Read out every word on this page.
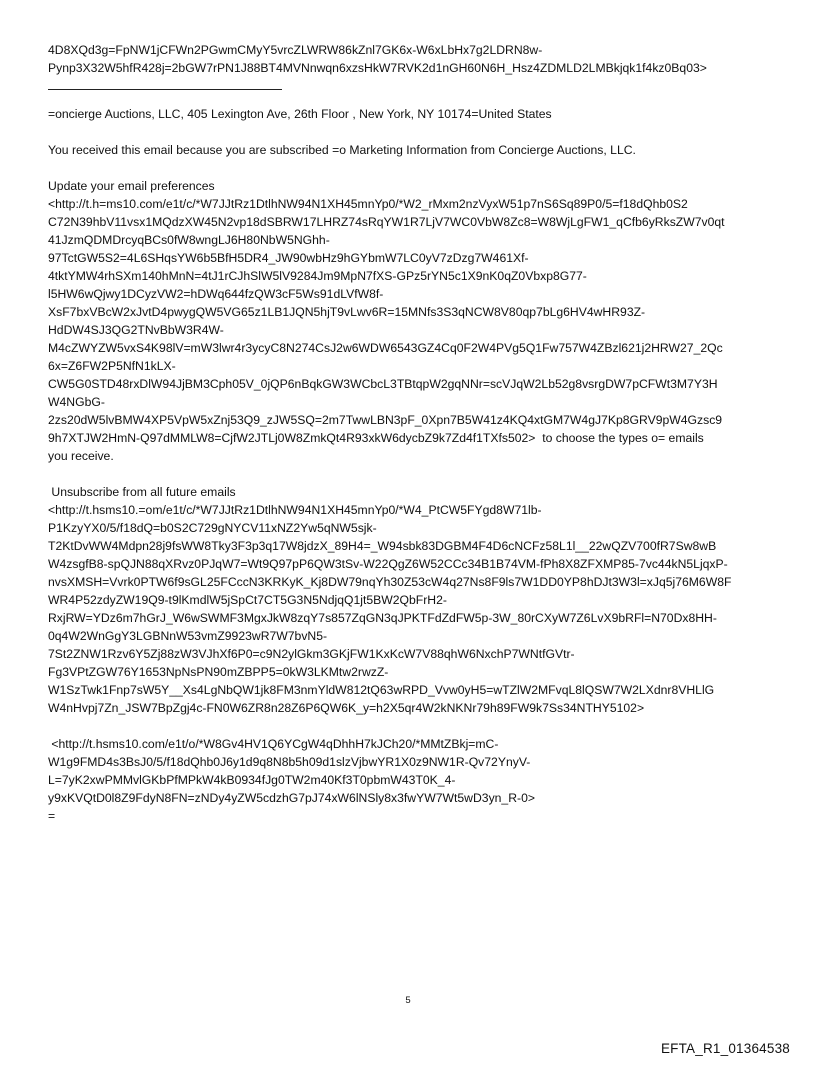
4D8XQd3g=FpNW1jCFWn2PGwmCMyY5vrcZLWRW86kZnl7GK6x-W6xLbHx7g2LDRN8w-

Pynp3X32W5hfR428j=2bGW7rPN1J88BT4MVNnwqn6xzsHkW7RVK2d1nGH60N6H_Hsz4ZDMLD2LMBkjqk1f4kz0Bq03>

=oncierge Auctions, LLC, 405 Lexington Ave, 26th Floor , New York, NY 10174=United States

You received this email because you are subscribed =o Marketing Information from Concierge Auctions, LLC.

Update your email preferences

<http://t.h=ms10.com/e1t/c/*W7JJtRz1DtlhNW94N1XH45mnYp0/*W2_rMxm2nzVyxW51p7nS6Sq89P0/5=f18dQhb0S2

C72N39hbV11vsx1MQdzXW45N2vp18dSBRW17LHRZ74sRqYW1R7LjV7WC0VbW8Zc8=W8WjLgFW1_qCfb6yRksZW7v0qt

41JzmQDMDrcyqBCs0fW8wngLJ6H80NbW5NGhh-

97TctGW5S2=4L6SHqsYW6b5BfH5DR4_JW90wbHz9hGYbmW7LC0yV7zDzg7W461Xf-

4tktYMW4rhSXm140hMnN=4tJ1rCJhSlW5lV9284Jm9MpN7fXS-GPz5rYN5c1X9nK0qZ0Vbxp8G77-

l5HW6wQjwy1DCyzVW2=hDWq644fzQW3cF5Ws91dLVfW8f-

XsF7bxVBcW2xJvtD4pwygQW5VG65z1LB1JQN5hjT9vLwv6R=15MNfs3S3qNCW8V80qp7bLg6HV4wHR93Z-

HdDW4SJ3QG2TNvBbW3R4W-

M4cZWYZW5vxS4K98lV=mW3lwr4r3ycyC8N274CsJ2w6WDW6543GZ4Cq0F2W4PVg5Q1Fw757W4ZBzl621j2HRW27_2Qc

6x=Z6FW2P5NfN1kLX-

CW5G0STD48rxDlW94JjBM3Cph05V_0jQP6nBqkGW3WCbcL3TBtqpW2gqNNr=scVJqW2Lb52g8vsrgDW7pCFWt3M7Y3H

W4NGbG-

2zs20dW5lvBMW4XP5VpW5xZnj53Q9_zJW5SQ=2m7TwwLBN3pF_0Xpn7B5W41z4KQ4xtGM7W4gJ7Kp8GRV9pW4Gzsc9

9h7XTJW2HmN-Q97dMMLW8=CjfW2JTLj0W8ZmkQt4R93xkW6dycbZ9k7Zd4f1TXfs502>  to choose the types o= emails

you receive.

Unsubscribe from all future emails

<http://t.hsms10.=om/e1t/c/*W7JJtRz1DtlhNW94N1XH45mnYp0/*W4_PtCW5FYgd8W71lb-

P1KzyYX0/5/f18dQ=b0S2C729gNYCV11xNZ2Yw5qNW5sjk-

T2KtDvWW4Mdpn28j9fsWW8Tky3F3p3q17W8jdzX_89H4=_W94sbk83DGBM4F4D6cNCFz58L1l__22wQZV700fR7Sw8wB

W4zsgfB8-spQJN88qXRvz0PJqW7=Wt9Q97pP6QW3tSv-W22QgZ6W52CCc34B1B74VM-fPh8X8ZFXMP85-7vc44kN5LjqxP-

nvsXMSH=Vvrk0PTW6f9sGL25FCccN3KRKyK_Kj8DW79nqYh30Z53cW4q27Ns8F9ls7W1DD0YP8hDJt3W3l=xJq5j76M6W8F

WR4P52zdyZW19Q9-t9lKmdlW5jSpCt7CT5G3N5NdjqQ1jt5BW2QbFrH2-

RxjRW=YDz6m7hGrJ_W6wSWMF3MgxJkW8zqY7s857ZqGN3qJPKTFdZdFW5p-3W_80rCXyW7Z6LvX9bRFl=N70Dx8HH-

0q4W2WnGgY3LGBNnW53vmZ9923wR7W7bvN5-

7St2ZNW1Rzv6Y5Zj88zW3VJhXf6P0=c9N2ylGkm3GKjFW1KxKcW7V88qhW6NxchP7WNtfGVtr-

Fg3VPtZGW76Y1653NpNsPN90mZBPP5=0kW3LKMtw2rwzZ-

W1SzTwk1Fnp7sW5Y__Xs4LgNbQW1jk8FM3nmYldW812tQ63wRPD_Vvw0yH5=wTZlW2MFvqL8lQSW7W2LXdnr8VHLlG

W4nHvpj7Zn_JSW7BpZgj4c-FN0W6ZR8n28Z6P6QW6K_y=h2X5qr4W2kNKNr79h89FW9k7Ss34NTHY5102>

<http://t.hsms10.com/e1t/o/*W8Gv4HV1Q6YCgW4qDhhH7kJCh20/*MMtZBkj=mC-

W1g9FMD4s3BsJ0/5/f18dQhb0J6y1d9q8N8b5h09d1slzVjbwYR1X0z9NW1R-Qv72YnyV-

L=7yK2xwPMMvlGKbPfMPkW4kB0934fJg0TW2m40Kf3T0pbmW43T0K_4-

y9xKVQtD0l8Z9FdyN8FN=zNDy4yZW5cdzhG7pJ74xW6lNSly8x3fwYW7Wt5wD3yn_R-0>

=

5
EFTA_R1_01364538
